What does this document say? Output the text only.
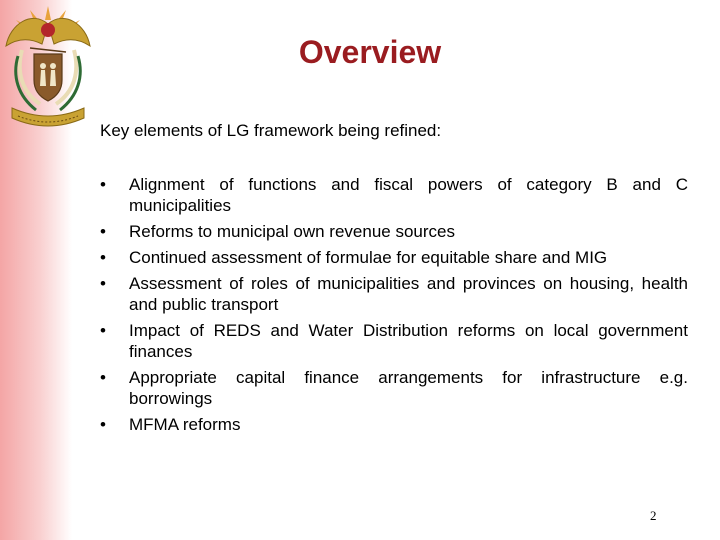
Overview
Key elements of LG framework being refined:
• Alignment of functions and fiscal powers of category B and C municipalities
• Reforms to municipal own revenue sources
• Continued assessment of formulae for equitable share and MIG
• Assessment of roles of municipalities and provinces on housing, health and public transport
• Impact of REDS and Water Distribution reforms on local government finances
• Appropriate capital finance arrangements for infrastructure e.g. borrowings
• MFMA reforms
2
